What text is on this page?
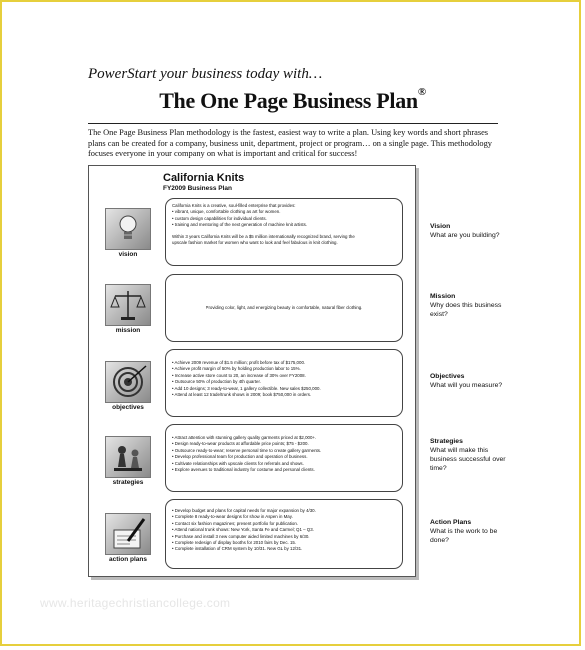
PowerStart your business today with…
The One Page Business Plan®
The One Page Business Plan methodology is the fastest, easiest way to write a plan. Using key words and short phrases plans can be created for a company, business unit, department, project or program… on a single page. This methodology focuses everyone in your company on what is important and critical for success!
California Knits
FY2009 Business Plan
vision
California Knits is a creative, soul-filled enterprise that provides:
• vibrant, unique, comfortable clothing as art for women.
• custom design capabilities for individual clients.
• training and mentoring of the next generation of machine knit artists.
Within 3 years California Knits will be a $5 million internationally recognized brand, serving the
upscale fashion market for women who want to look and feel fabulous in knit clothing.
mission
Providing color, light, and energizing beauty in comfortable, natural fiber clothing.
objectives
• Achieve 2009 revenue of $1.5 million; profit before tax of $175,000.
• Achieve profit margin of 50% by holding production labor to 15%.
• Increase active store count to 20, an increase of 30% over FY2008.
• Outsource 50% of production by 4th quarter.
• Add 10 designs; 3 ready-to-wear, 1 gallery collectible. New sales $250,000.
• Attend at least 12 trade/trunk shows in 2009; book $750,000 in orders.
strategies
• Attract attention with stunning gallery quality garments priced at $2,000+.
• Design ready-to-wear products at affordable price points; $75 - $200.
• Outsource ready-to-wear; reserve personal time to create gallery garments.
• Develop professional team for production and operation of business.
• Cultivate relationships with upscale clients for referrals and shows.
• Explore avenues to traditional industry for costume and personal clients.
action plans
• Develop budget and plans for capital needs for major expansion by 4/30.
• Complete 8 ready-to-wear designs for show in Aspen in May.
• Contact six fashion magazines; present portfolio for publication.
• Attend national trunk shows: New York, Santa Fe and Carmel; Q1 – Q3.
• Purchase and install 3 new computer aided limited machines by 6/30.
• Complete redesign of display booths for 2010 fairs by Dec. 15.
• Complete installation of CRM system by 10/31. New GL by 12/31.
Vision
What are you building?
Mission
Why does this business exist?
Objectives
What will you measure?
Strategies
What will make this business successful over time?
Action Plans
What is the work to be done?
www.heritagechristiancollege.com
